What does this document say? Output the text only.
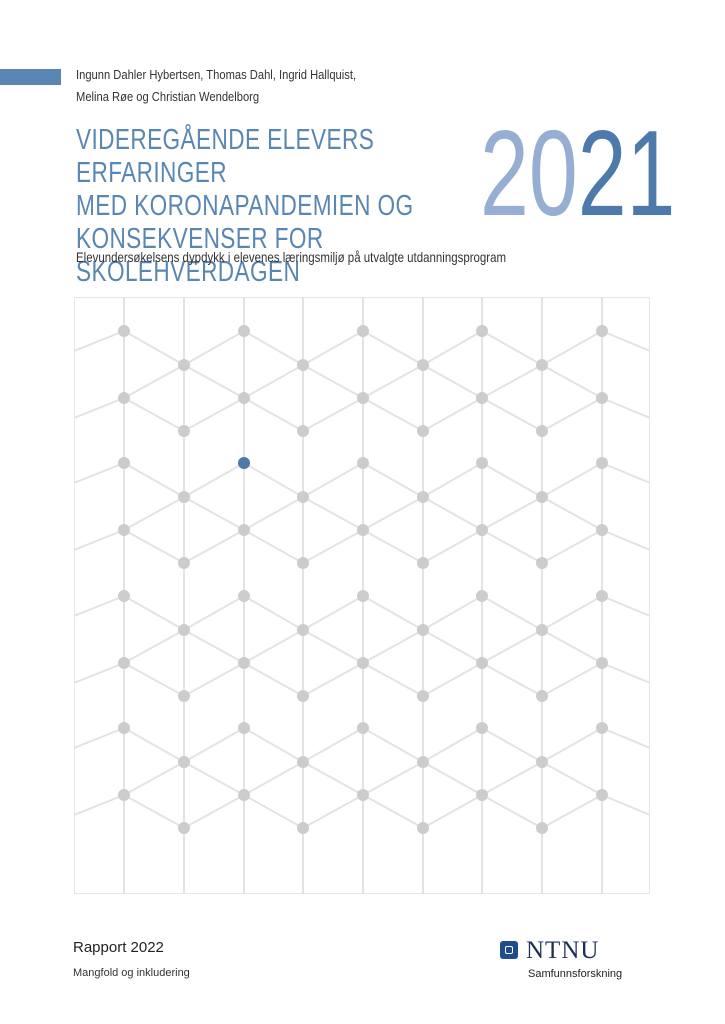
Ingunn Dahler Hybertsen, Thomas Dahl, Ingrid Hallquist,
Melina Røe og Christian Wendelborg
VIDEREGÅENDE ELEVERS ERFARINGER
MED KORONAPANDEMIEN OG
KONSEKVENSER FOR SKOLEHVERDAGEN
2021
Elevundersøkelsens dypdykk i elevenes læringsmiljø på utvalgte utdanningsprogram
Rapport 2022
Mangfold og inkludering
NTNU
Samfunnsforskning
